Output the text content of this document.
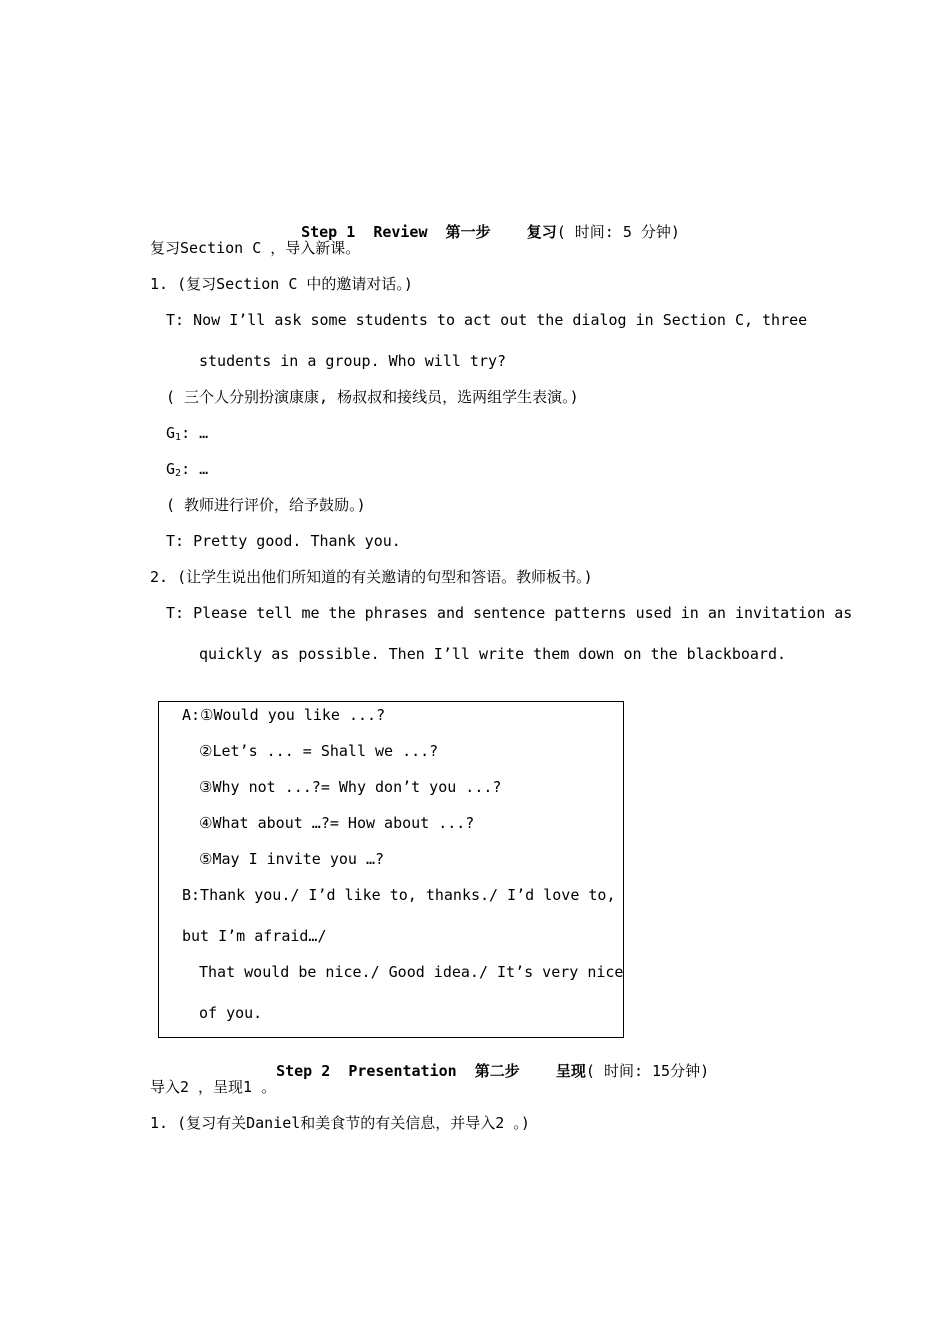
Step 1 Review 第一步 复习( 时间: 5 分钟)

复习Section C ，导入新课。
1. (复习Section C 中的邀请对话。)
T: Now I’ll ask some students to act out the dialog in Section C, three
students in a group. Who will try?
( 三个人分别扮演康康, 杨叔叔和接线员，选两组学生表演。)
$G_1$: …
$G_2$: …
( 教师进行评价，给予鼓励。)
T: Pretty good. Thank you.
2. (让学生说出他们所知道的有关邀请的句型和答语。教师板书。)
T: Please tell me the phrases and sentence patterns used in an invitation as
quickly as possible. Then I’ll write them down on the blackboard.
A:①Would you like ...?
②Let’s ... = Shall we ...?
③Why not ...?= Why don’t you ...?
④What about …?= How about ...?
⑤May I invite you …?
B:Thank you./ I’d like to, thanks./ I’d love to,
but I’m afraid…/
That would be nice./ Good idea./ It’s very nice
of you.

Step 2 Presentation 第二步 呈现( 时间: 15分钟)

导入2 ，呈现1 。
1. (复习有关Daniel和美食节的有关信息，并导入2 。)
